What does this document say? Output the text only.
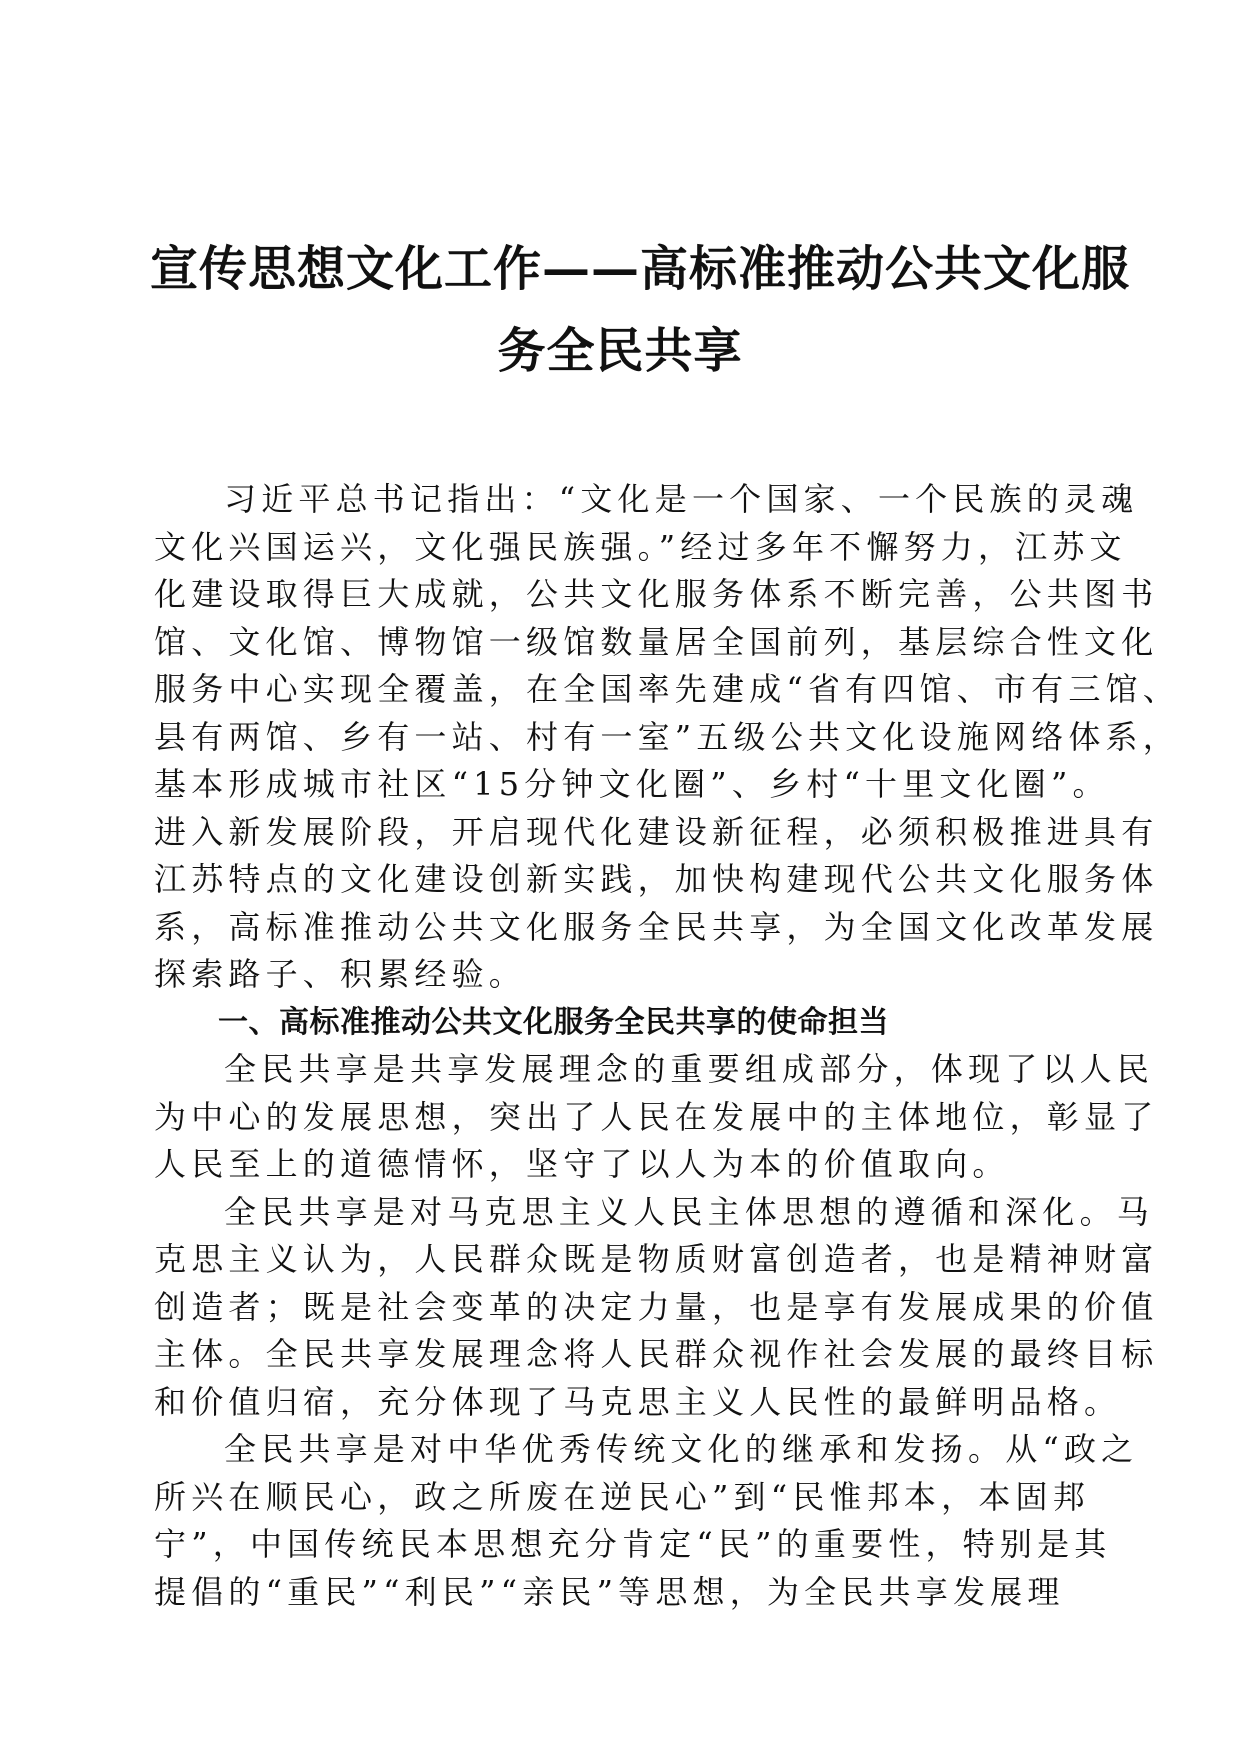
宣传思想文化工作——高标准推动公共文化服
务全民共享
习近平总书记指出：“文化是一个国家、一个民族的灵魂
文化兴国运兴，文化强民族强。”经过多年不懈努力，江苏文
化建设取得巨大成就，公共文化服务体系不断完善，公共图书
馆、文化馆、博物馆一级馆数量居全国前列，基层综合性文化
服务中心实现全覆盖，在全国率先建成“省有四馆、市有三馆、
县有两馆、乡有一站、村有一室”五级公共文化设施网络体系，
基本形成城市社区“15分钟文化圈”、乡村“十里文化圈”。
进入新发展阶段，开启现代化建设新征程，必须积极推进具有
江苏特点的文化建设创新实践，加快构建现代公共文化服务体
系，高标准推动公共文化服务全民共享，为全国文化改革发展
探索路子、积累经验。
一、高标准推动公共文化服务全民共享的使命担当
全民共享是共享发展理念的重要组成部分，体现了以人民
为中心的发展思想，突出了人民在发展中的主体地位，彰显了
人民至上的道德情怀，坚守了以人为本的价值取向。
全民共享是对马克思主义人民主体思想的遵循和深化。马
克思主义认为，人民群众既是物质财富创造者，也是精神财富
创造者；既是社会变革的决定力量，也是享有发展成果的价值
主体。全民共享发展理念将人民群众视作社会发展的最终目标
和价值归宿，充分体现了马克思主义人民性的最鲜明品格。
全民共享是对中华优秀传统文化的继承和发扬。从“政之
所兴在顺民心，政之所废在逆民心”到“民惟邦本，本固邦
宁”，中国传统民本思想充分肯定“民”的重要性，特别是其
提倡的“重民”“利民”“亲民”等思想，为全民共享发展理
